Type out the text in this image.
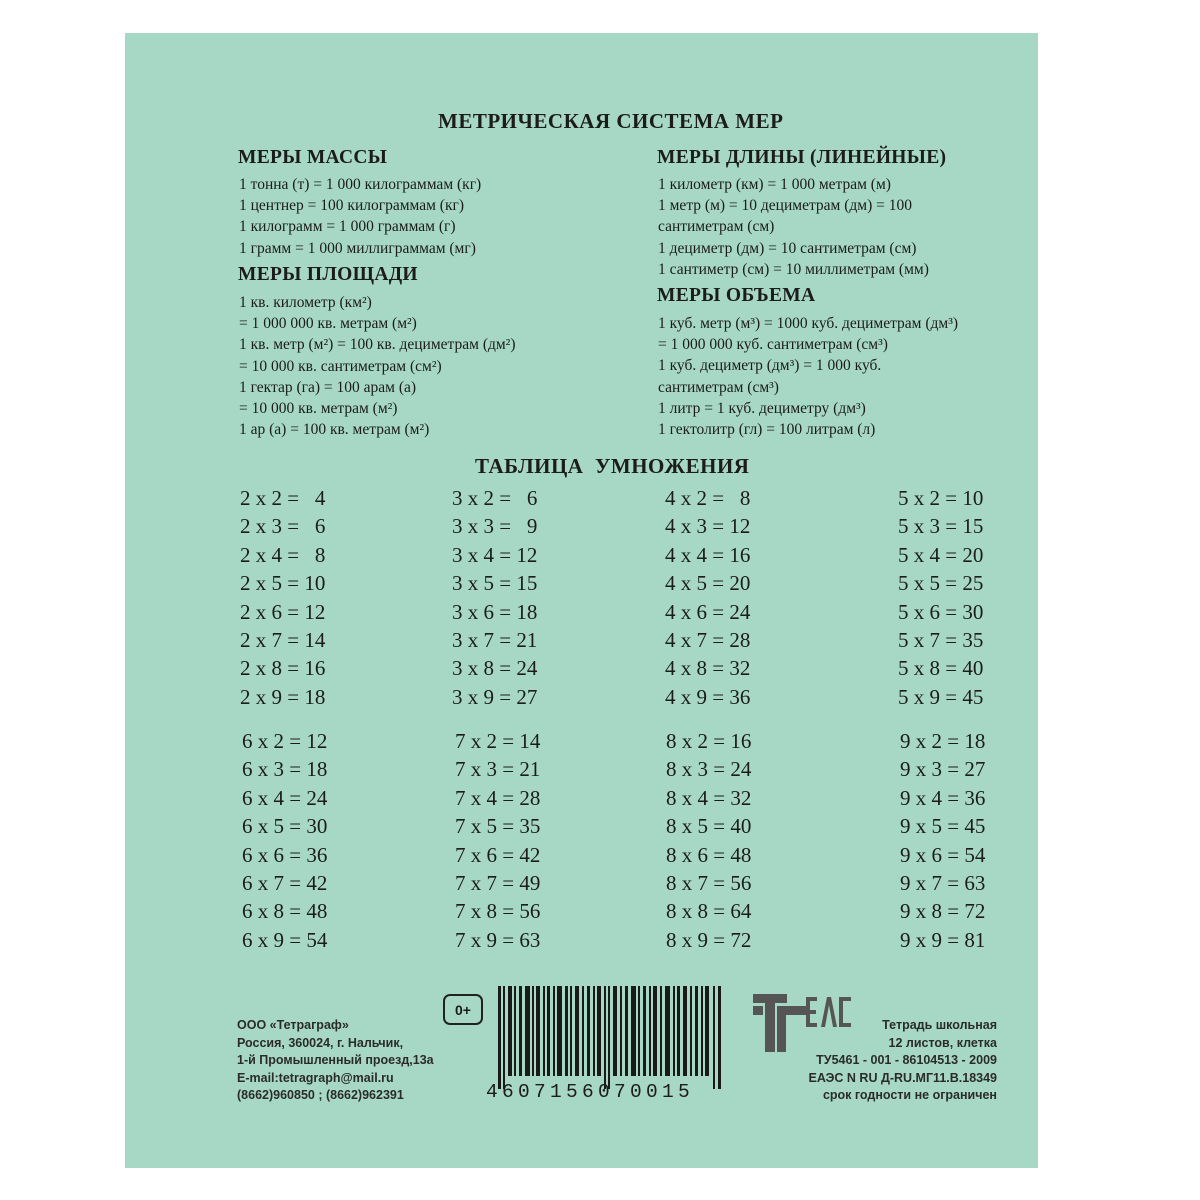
МЕТРИЧЕСКАЯ СИСТЕМА МЕР
МЕРЫ МАССЫ
1 тонна (т) = 1 000 килограммам (кг)
1 центнер = 100 килограммам (кг)
1 килограмм = 1 000 граммам (г)
1 грамм = 1 000 миллиграммам (мг)
МЕРЫ ПЛОЩАДИ
1 кв. километр (км²)
= 1 000 000 кв. метрам (м²)
1 кв. метр (м²) = 100 кв. дециметрам (дм²)
= 10 000 кв. сантиметрам (см²)
1 гектар (га) = 100 арам (а)
= 10 000 кв. метрам (м²)
1 ар (а) = 100 кв. метрам (м²)
МЕРЫ ДЛИНЫ (ЛИНЕЙНЫЕ)
1 километр (км) = 1 000 метрам (м)
1 метр (м) = 10 дециметрам (дм) = 100
сантиметрам (см)
1 дециметр (дм) = 10 сантиметрам (см)
1 сантиметр (см) = 10 миллиметрам (мм)
МЕРЫ ОБЪЕМА
1 куб. метр (м³) = 1000 куб. дециметрам (дм³)
= 1 000 000 куб. сантиметрам (см³)
1 куб. дециметр (дм³) = 1 000 куб.
сантиметрам (см³)
1 литр = 1 куб. дециметру (дм³)
1 гектолитр (гл) = 100 литрам (л)
ТАБЛИЦА  УМНОЖЕНИЯ
2 х 2 =   4
2 х 3 =   6
2 х 4 =   8
2 х 5 = 10
2 х 6 = 12
2 х 7 = 14
2 х 8 = 16
2 х 9 = 18
3 х 2 =   6
3 х 3 =   9
3 х 4 = 12
3 х 5 = 15
3 х 6 = 18
3 х 7 = 21
3 х 8 = 24
3 х 9 = 27
4 х 2 =   8
4 х 3 = 12
4 х 4 = 16
4 х 5 = 20
4 х 6 = 24
4 х 7 = 28
4 х 8 = 32
4 х 9 = 36
5 х 2 = 10
5 х 3 = 15
5 х 4 = 20
5 х 5 = 25
5 х 6 = 30
5 х 7 = 35
5 х 8 = 40
5 х 9 = 45
6 х 2 = 12
6 х 3 = 18
6 х 4 = 24
6 х 5 = 30
6 х 6 = 36
6 х 7 = 42
6 х 8 = 48
6 х 9 = 54
7 х 2 = 14
7 х 3 = 21
7 х 4 = 28
7 х 5 = 35
7 х 6 = 42
7 х 7 = 49
7 х 8 = 56
7 х 9 = 63
8 х 2 = 16
8 х 3 = 24
8 х 4 = 32
8 х 5 = 40
8 х 6 = 48
8 х 7 = 56
8 х 8 = 64
8 х 9 = 72
9 х 2 = 18
9 х 3 = 27
9 х 4 = 36
9 х 5 = 45
9 х 6 = 54
9 х 7 = 63
9 х 8 = 72
9 х 9 = 81
ООО «Тетраграф»
Россия, 360024, г. Нальчик,
1-й Промышленный проезд,13а
E-mail:tetragraph@mail.ru
(8662)960850 ; (8662)962391
0+
4607156070015
Тетрадь школьная
12 листов, клетка
ТУ5461 - 001 - 86104513 - 2009
ЕАЭС N RU Д-RU.МГ11.В.18349
срок годности не ограничен
